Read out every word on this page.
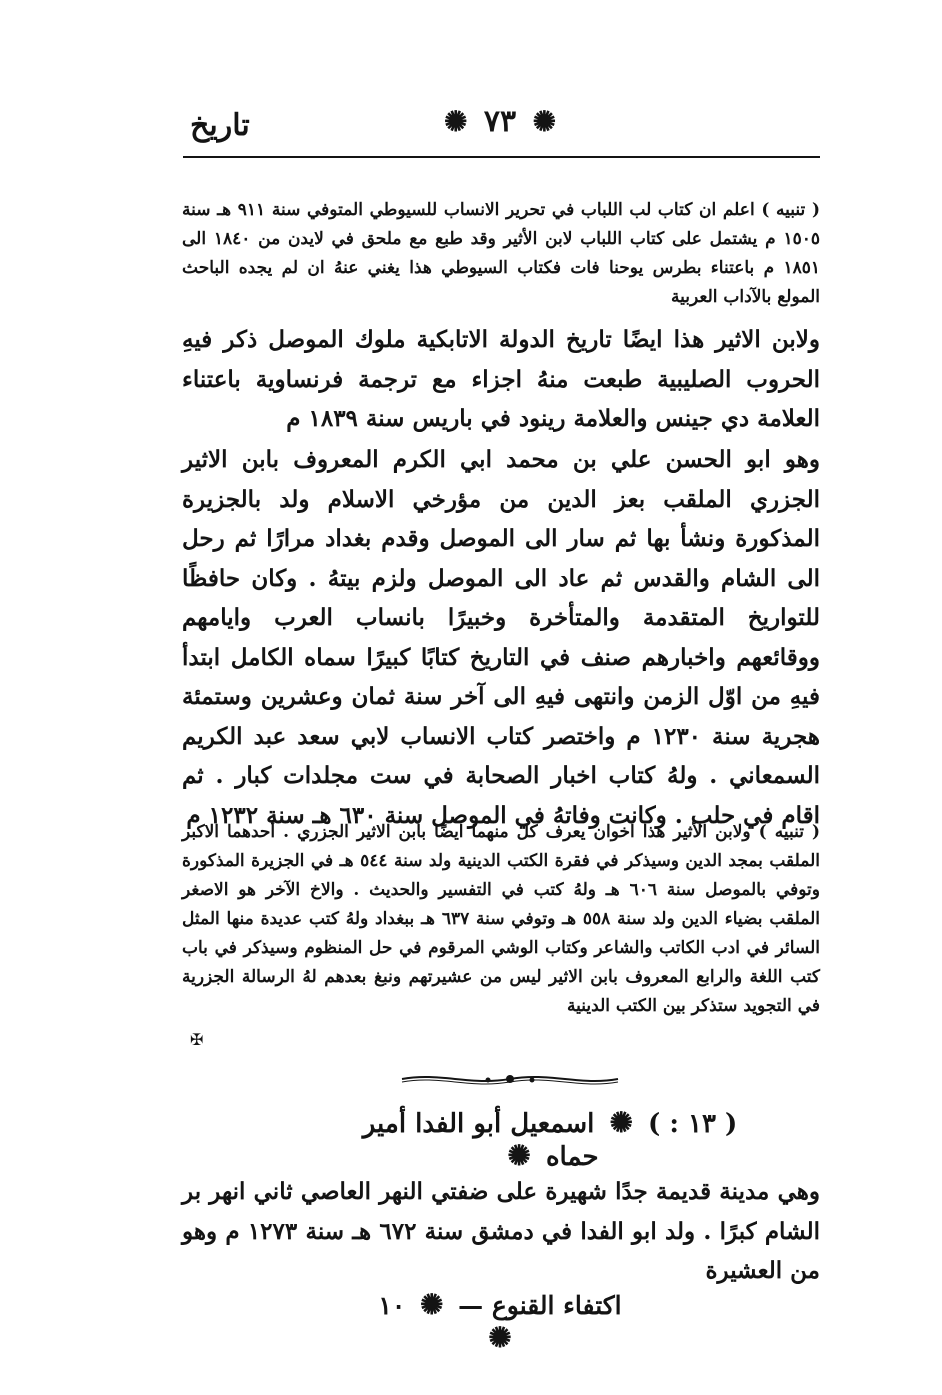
تاريخ	✺ ٧٣ ✺
( تنبيه ) اعلم ان كتاب لب اللباب في تحرير الانساب للسيوطي المتوفي سنة ٩١١ هـ سنة ١٥٠٥ م يشتمل على كتاب اللباب لابن الأثير وقد طبع مع ملحق في لايدن من ١٨٤٠ الى ١٨٥١ م باعتناء بطرس يوحنا فات فكتاب السيوطي هذا يغني عنهُ ان لم يجده الباحث المولع بالآداب العربية
ولابن الاثير هذا ايضًا تاريخ الدولة الاتابكية ملوك الموصل ذكر فيهِ الحروب الصليبية طبعت منهُ اجزاء مع ترجمة فرنساوية باعتناء العلامة دي جينس والعلامة رينود في باريس سنة ١٨٣٩ م
وهو ابو الحسن علي بن محمد ابي الكرم المعروف بابن الاثير الجزري الملقب بعز الدين من مؤرخي الاسلام ولد بالجزيرة المذكورة ونشأ بها ثم سار الى الموصل وقدم بغداد مرارًا ثم رحل الى الشام والقدس ثم عاد الى الموصل ولزم بيتهُ . وكان حافظًا للتواريخ المتقدمة والمتأخرة وخبيرًا بانساب العرب وايامهم ووقائعهم واخبارهم صنف في التاريخ كتابًا كبيرًا سماه الكامل ابتدأ فيهِ من اوّل الزمن وانتهى فيهِ الى آخر سنة ثمان وعشرين وستمئة هجرية سنة ١٢٣٠ م واختصر كتاب الانساب لابي سعد عبد الكريم السمعاني . ولهُ كتاب اخبار الصحابة في ست مجلدات كبار . ثم اقام في حلب . وكانت وفاتهُ في الموصل سنة ٦٣٠ هـ سنة ١٢٣٢ م
( تنبيه ) ولابن الأثير هذا اخوان يعرف كل منهما ايضًا بابن الاثير الجزري . أحدهما الاكبر الملقب بمجد الدين وسيذكر في فقرة الكتب الدينية ولد سنة ٥٤٤ هـ في الجزيرة المذكورة وتوفي بالموصل سنة ٦٠٦ هـ ولهُ كتب في التفسير والحديث . والاخ الآخر هو الاصغر الملقب بضياء الدين ولد سنة ٥٥٨ هـ وتوفي سنة ٦٣٧ هـ ببغداد ولهُ كتب عديدة منها المثل السائر في ادب الكاتب والشاعر وكتاب الوشي المرقوم في حل المنظوم وسيذكر في باب كتب اللغة والرابع المعروف بابن الاثير ليس من عشيرتهم ونبغ بعدهم لهُ الرسالة الجزرية في التجويد ستذكر بين الكتب الدينية
✠
( ١٣ : ) ✺ اسمعيل أبو الفدا أمير حماه ✺
وهي مدينة قديمة جدًا شهيرة على ضفتي النهر العاصي ثاني انهر بر الشام كبرًا . ولد ابو الفدا في دمشق سنة ٦٧٢ هـ سنة ١٢٧٣ م وهو من العشيرة
اكتفاء القنوع — ✺ ١٠ ✺
